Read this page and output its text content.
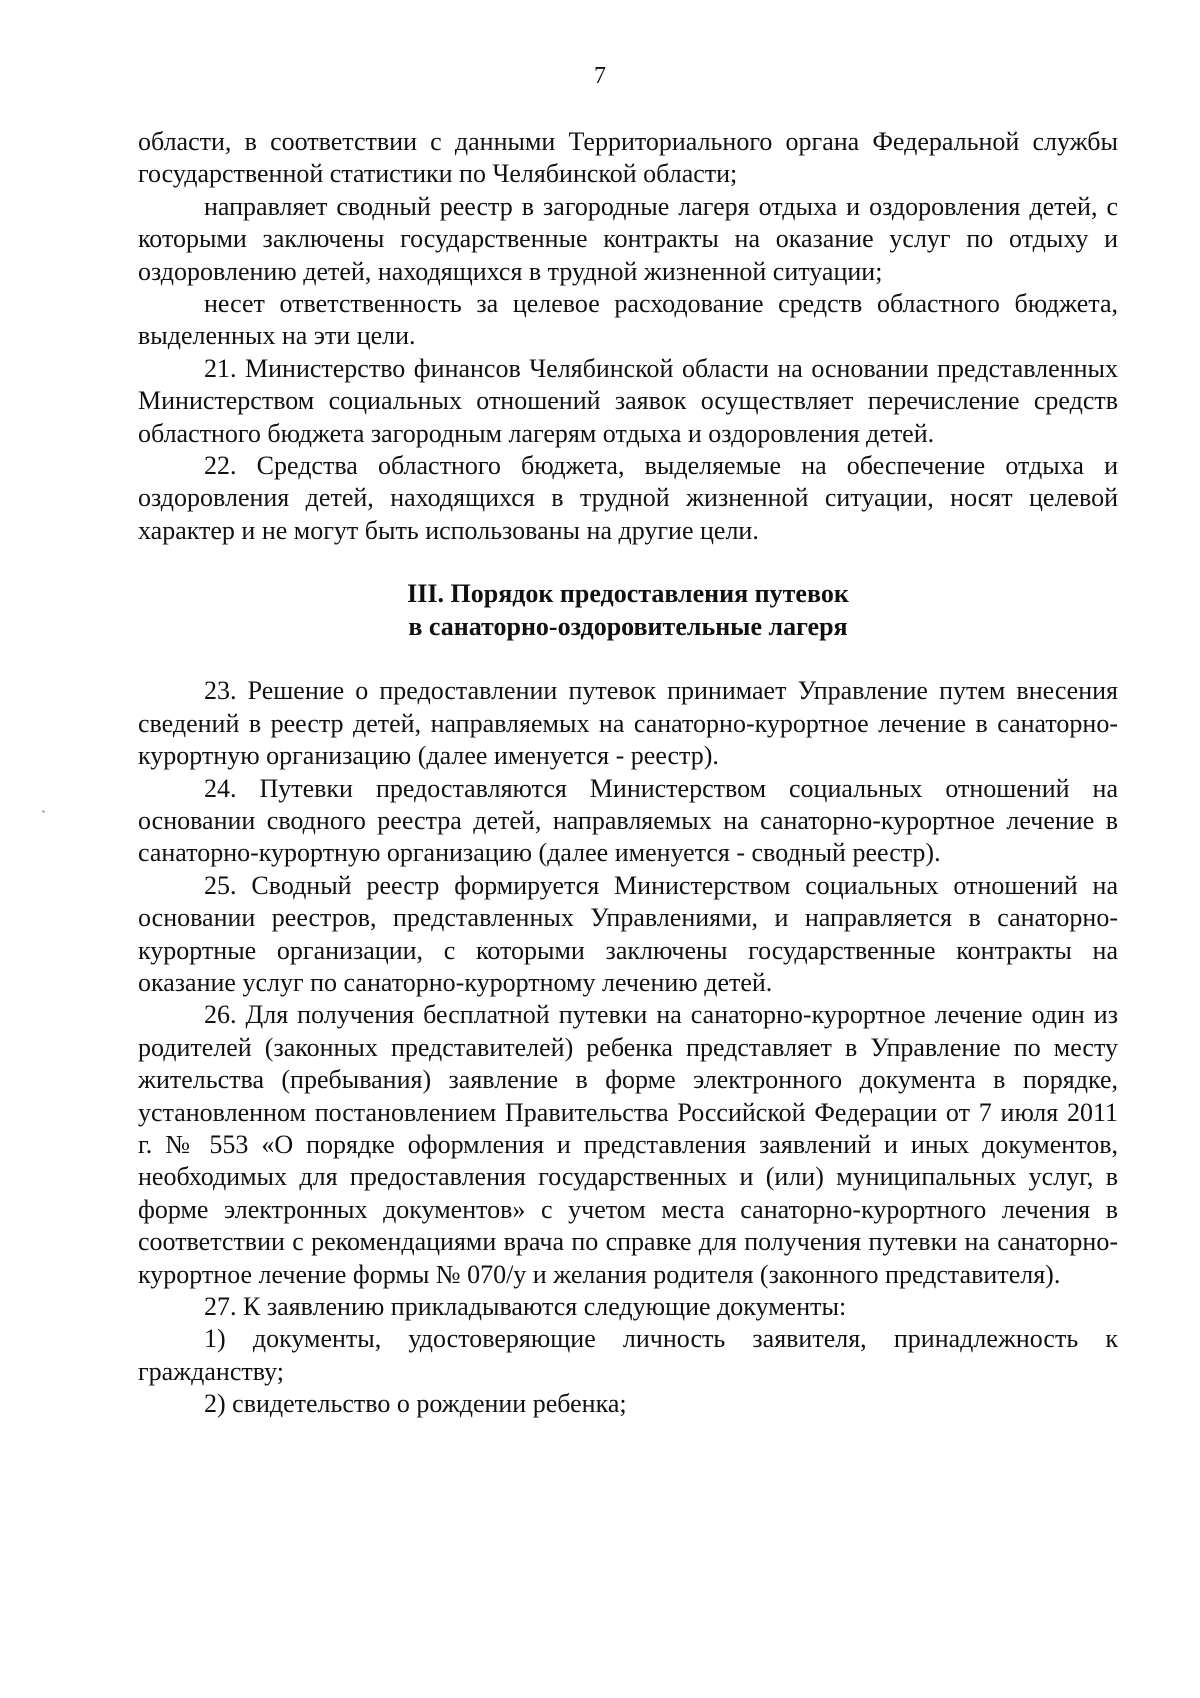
7

области, в соответствии с данными Территориального органа Федеральной службы государственной статистики по Челябинской области;

направляет сводный реестр в загородные лагеря отдыха и оздоровления детей, с которыми заключены государственные контракты на оказание услуг по отдыху и оздоровлению детей, находящихся в трудной жизненной ситуации;

несет ответственность за целевое расходование средств областного бюджета, выделенных на эти цели.

21. Министерство финансов Челябинской области на основании представленных Министерством социальных отношений заявок осуществляет перечисление средств областного бюджета загородным лагерям отдыха и оздоровления детей.

22. Средства областного бюджета, выделяемые на обеспечение отдыха и оздоровления детей, находящихся в трудной жизненной ситуации, носят целевой характер и не могут быть использованы на другие цели.

III. Порядок предоставления путевок
в санаторно-оздоровительные лагеря

23. Решение о предоставлении путевок принимает Управление путем внесения сведений в реестр детей, направляемых на санаторно-курортное лечение в санаторно-курортную организацию (далее именуется - реестр).

24. Путевки предоставляются Министерством социальных отношений на основании сводного реестра детей, направляемых на санаторно-курортное лечение в санаторно-курортную организацию (далее именуется - сводный реестр).

25. Сводный реестр формируется Министерством социальных отношений на основании реестров, представленных Управлениями, и направляется в санаторно-курортные организации, с которыми заключены государственные контракты на оказание услуг по санаторно-курортному лечению детей.

26. Для получения бесплатной путевки на санаторно-курортное лечение один из родителей (законных представителей) ребенка представляет в Управление по месту жительства (пребывания) заявление в форме электронного документа в порядке, установленном постановлением Правительства Российской Федерации от 7 июля 2011 г. № 553 «О порядке оформления и представления заявлений и иных документов, необходимых для предоставления государственных и (или) муниципальных услуг, в форме электронных документов» с учетом места санаторно-курортного лечения в соответствии с рекомендациями врача по справке для получения путевки на санаторно-курортное лечение формы № 070/у и желания родителя (законного представителя).

27. К заявлению прикладываются следующие документы:

1) документы, удостоверяющие личность заявителя, принадлежность к гражданству;

2) свидетельство о рождении ребенка;
